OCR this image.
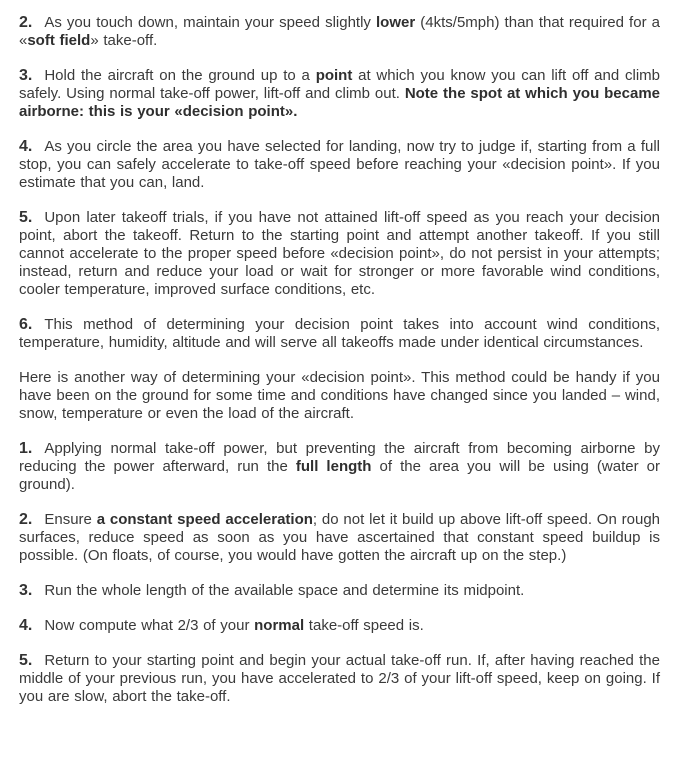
2. As you touch down, maintain your speed slightly lower (4kts/5mph) than that required for a «soft field» take-off.

3. Hold the aircraft on the ground up to a point at which you know you can lift off and climb safely. Using normal take-off power, lift-off and climb out. Note the spot at which you became airborne: this is your «decision point».

4. As you circle the area you have selected for landing, now try to judge if, starting from a full stop, you can safely accelerate to take-off speed before reaching your «decision point». If you estimate that you can, land.

5. Upon later takeoff trials, if you have not attained lift-off speed as you reach your decision point, abort the takeoff. Return to the starting point and attempt another takeoff. If you still cannot accelerate to the proper speed before «decision point», do not persist in your attempts; instead, return and reduce your load or wait for stronger or more favorable wind conditions, cooler temperature, improved surface conditions, etc.

6. This method of determining your decision point takes into account wind conditions, temperature, humidity, altitude and will serve all takeoffs made under identical circumstances.

Here is another way of determining your «decision point». This method could be handy if you have been on the ground for some time and conditions have changed since you landed – wind, snow, temperature or even the load of the aircraft.

1. Applying normal take-off power, but preventing the aircraft from becoming airborne by reducing the power afterward, run the full length of the area you will be using (water or ground).

2. Ensure a constant speed acceleration; do not let it build up above lift-off speed. On rough surfaces, reduce speed as soon as you have ascertained that constant speed buildup is possible. (On floats, of course, you would have gotten the aircraft up on the step.)

3. Run the whole length of the available space and determine its midpoint.

4. Now compute what 2/3 of your normal take-off speed is.

5. Return to your starting point and begin your actual take-off run. If, after having reached the middle of your previous run, you have accelerated to 2/3 of your lift-off speed, keep on going. If you are slow, abort the take-off.
